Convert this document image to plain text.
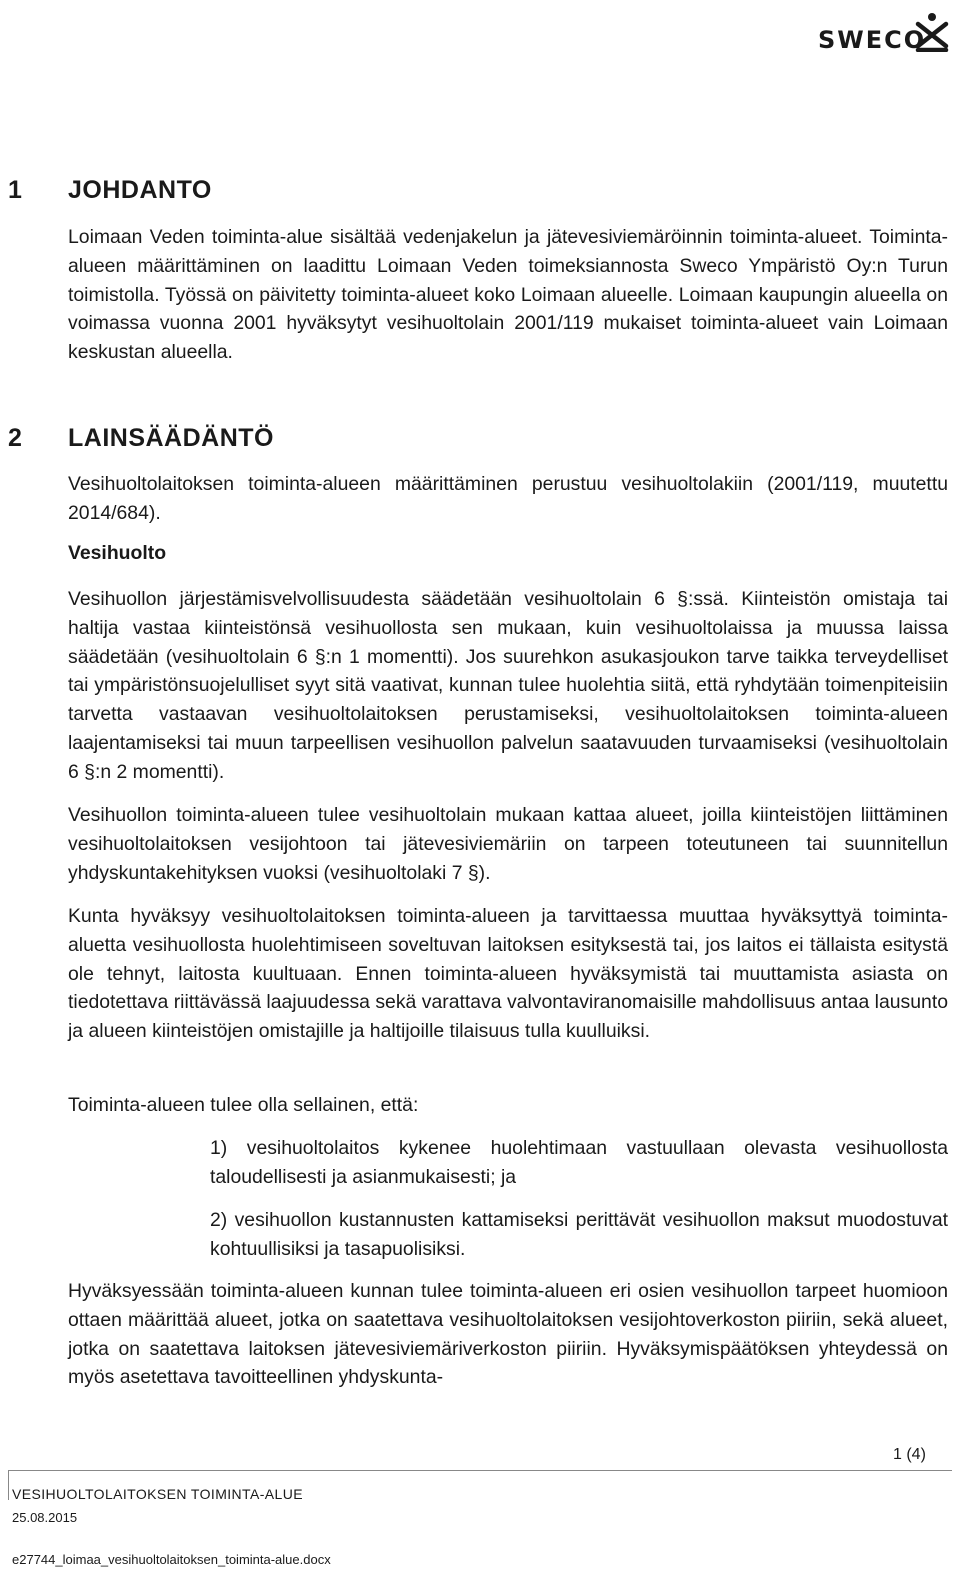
SWECO
1 JOHDANTO

Loimaan Veden toiminta-alue sisältää vedenjakelun ja jätevesiviemäröinnin toiminta-alueet. Toiminta-alueen määrittäminen on laadittu Loimaan Veden toimeksiannosta Sweco Ympäristö Oy:n Turun toimistolla. Työssä on päivitetty toiminta-alueet koko Loimaan alueelle. Loimaan kaupungin alueella on voimassa vuonna 2001 hyväksytyt vesihuoltolain 2001/119 mukaiset toiminta-alueet vain Loimaan keskustan alueella.

2 LAINSÄÄDÄNTÖ

Vesihuoltolaitoksen toiminta-alueen määrittäminen perustuu vesihuoltolakiin (2001/119, muutettu 2014/684).

Vesihuolto

Vesihuollon järjestämisvelvollisuudesta säädetään vesihuoltolain 6 §:ssä. Kiinteistön omistaja tai haltija vastaa kiinteistönsä vesihuollosta sen mukaan, kuin vesihuoltolaissa ja muussa laissa säädetään (vesihuoltolain 6 §:n 1 momentti). Jos suurehkon asukasjoukon tarve taikka terveydelliset tai ympäristönsuojelulliset syyt sitä vaativat, kunnan tulee huolehtia siitä, että ryhdytään toimenpiteisiin tarvetta vastaavan vesihuoltolaitoksen perustamiseksi, vesihuoltolaitoksen toiminta-alueen laajentamiseksi tai muun tarpeellisen vesihuollon palvelun saatavuuden turvaamiseksi (vesihuoltolain 6 §:n 2 momentti).

Vesihuollon toiminta-alueen tulee vesihuoltolain mukaan kattaa alueet, joilla kiinteistöjen liittäminen vesihuoltolaitoksen vesijohtoon tai jätevesiviemäriin on tarpeen toteutuneen tai suunnitellun yhdyskuntakehityksen vuoksi (vesihuoltolaki 7 §).

Kunta hyväksyy vesihuoltolaitoksen toiminta-alueen ja tarvittaessa muuttaa hyväksyttyä toiminta-aluetta vesihuollosta huolehtimiseen soveltuvan laitoksen esityksestä tai, jos laitos ei tällaista esitystä ole tehnyt, laitosta kuultuaan. Ennen toiminta-alueen hyväksymistä tai muuttamista asiasta on tiedotettava riittävässä laajuudessa sekä varattava valvontaviranomaisille mahdollisuus antaa lausunto ja alueen kiinteistöjen omistajille ja haltijoille tilaisuus tulla kuulluiksi.

Toiminta-alueen tulee olla sellainen, että:

1) vesihuoltolaitos kykenee huolehtimaan vastuullaan olevasta vesihuollosta taloudellisesti ja asianmukaisesti; ja
2) vesihuollon kustannusten kattamiseksi perittävät vesihuollon maksut muodostuvat kohtuullisiksi ja tasapuolisiksi.

Hyväksyessään toiminta-alueen kunnan tulee toiminta-alueen eri osien vesihuollon tarpeet huomioon ottaen määrittää alueet, jotka on saatettava vesihuoltolaitoksen vesijohtoverkoston piiriin, sekä alueet, jotka on saatettava laitoksen jätevesiviemäriverkoston piiriin. Hyväksymispäätöksen yhteydessä on myös asetettava tavoitteellinen yhdyskunta-

1 (4)
VESIHUOLTOLAITOKSEN TOIMINTA-ALUE
25.08.2015
e27744_loimaa_vesihuoltolaitoksen_toiminta-alue.docx
